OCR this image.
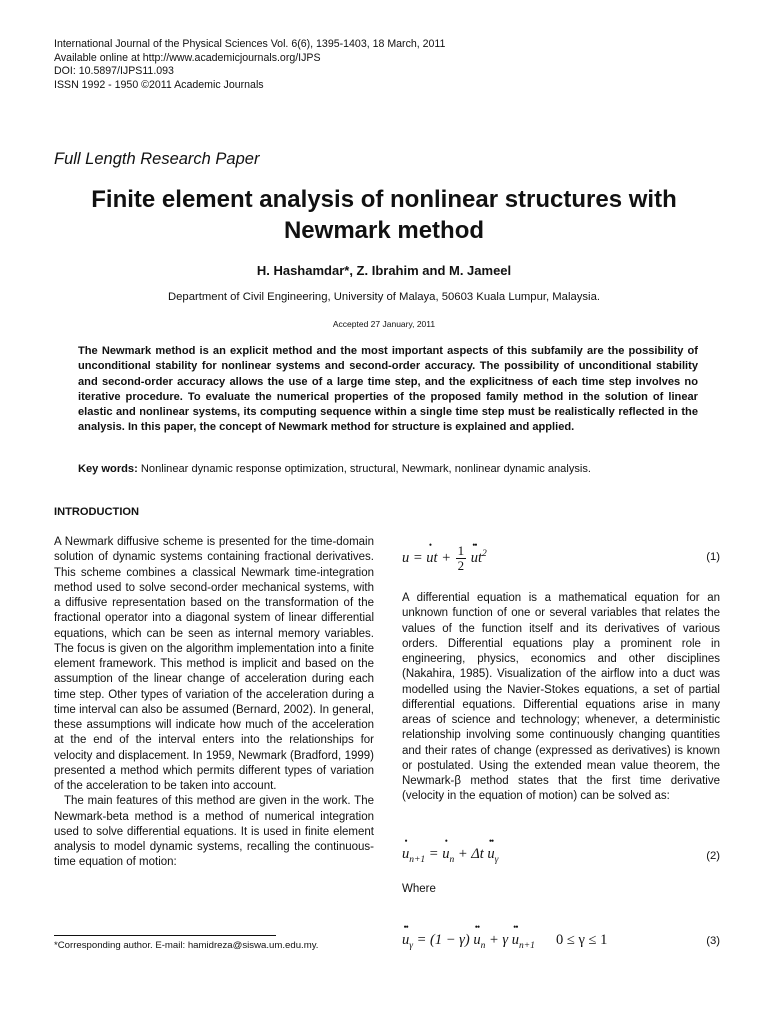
International Journal of the Physical Sciences Vol. 6(6), 1395-1403, 18 March, 2011
Available online at http://www.academicjournals.org/IJPS
DOI: 10.5897/IJPS11.093
ISSN 1992 - 1950 ©2011 Academic Journals
Full Length Research Paper
Finite element analysis of nonlinear structures with Newmark method
H. Hashamdar*, Z. Ibrahim and M. Jameel
Department of Civil Engineering, University of Malaya, 50603 Kuala Lumpur, Malaysia.
Accepted 27 January, 2011
The Newmark method is an explicit method and the most important aspects of this subfamily are the possibility of unconditional stability for nonlinear systems and second-order accuracy. The possibility of unconditional stability and second-order accuracy allows the use of a large time step, and the explicitness of each time step involves no iterative procedure. To evaluate the numerical properties of the proposed family method in the solution of linear elastic and nonlinear systems, its computing sequence within a single time step must be realistically reflected in the analysis. In this paper, the concept of Newmark method for structure is explained and applied.
Key words: Nonlinear dynamic response optimization, structural, Newmark, nonlinear dynamic analysis.
INTRODUCTION

A Newmark diffusive scheme is presented for the time-domain solution of dynamic systems containing fractional derivatives. This scheme combines a classical Newmark time-integration method used to solve second-order mechanical systems, with a diffusive representation based on the transformation of the fractional operator into a diagonal system of linear differential equations, which can be seen as internal memory variables. The focus is given on the algorithm implementation into a finite element framework. This method is implicit and based on the assumption of the linear change of acceleration during each time step. Other types of variation of the acceleration during a time interval can also be assumed (Bernard, 2002). In general, these assumptions will indicate how much of the acceleration at the end of the interval enters into the relationships for velocity and displacement. In 1959, Newmark (Bradford, 1999) presented a method which permits different types of variation of the acceleration to be taken into account.

The main features of this method are given in the work. The Newmark-beta method is a method of numerical integration used to solve differential equations. It is used in finite element analysis to model dynamic systems, recalling the continuous-time equation of motion:

u = u
•
$t + \frac{1}{2}$ u
••
$t^2$	(1)
A differential equation is a mathematical equation for an unknown function of one or several variables that relates the values of the function itself and its derivatives of various orders. Differential equations play a prominent role in engineering, physics, economics and other disciplines (Nakahira, 1985). Visualization of the airflow into a duct was modelled using the Navier-Stokes equations, a set of partial differential equations. Differential equations arise in many areas of science and technology; whenever, a deterministic relationship involving some continuously changing quantities and their rates of change (expressed as derivatives) is known or postulated. Using the extended mean value theorem, the Newmark-β method states that the first time derivative (velocity in the equation of motion) can be solved as:
u
•
$_{n+1}$ = u
•
$_n$ + Δt u
••
$_\gamma$	(2)
Where
u
••
$_\gamma$ = (1 − γ) u
••
$_n$ + γ u
••
$_{n+1}$ 0 ≤ γ ≤ 1	(3)
*Corresponding author. E-mail: hamidreza@siswa.um.edu.my.
